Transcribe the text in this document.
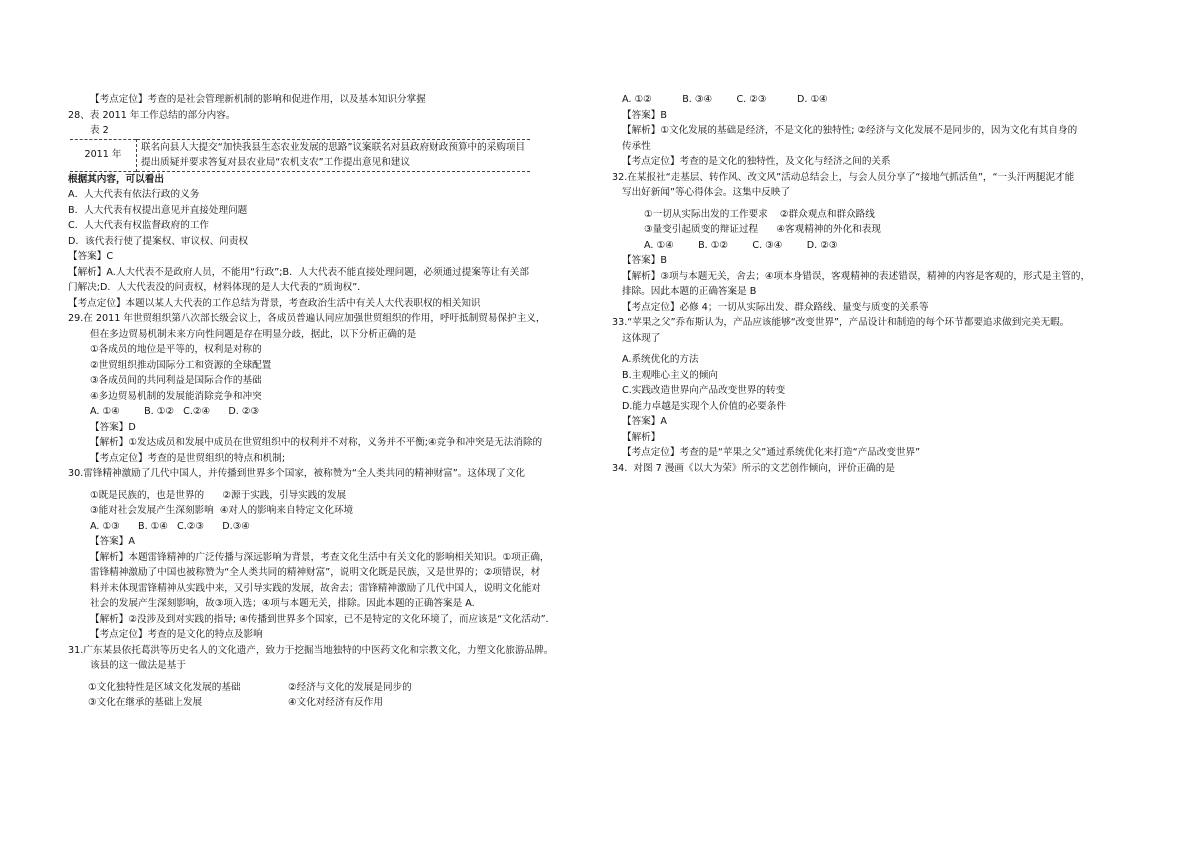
【考点定位】考查的是社会管理新机制的影响和促进作用，以及基本知识分掌握

28、表 2011 年工作总结的部分内容。

表 2

2011 年	联名向县人大提交“加快我县生态农业发展的思路”议案联名对县政府财政预算中的采购项目提出质疑并要求答复对县农业局“农机支农”工作提出意见和建议

根据其内容，可以看出

A．人大代表有依法行政的义务

B．人大代表有权提出意见并直接处理问题

C．人大代表有权监督政府的工作

D．该代表行使了提案权、审议权、问责权

【答案】C

【解析】A.人大代表不是政府人员，不能用“行政”;B．人大代表不能直接处理问题，必须通过提案等让有关部

门解决;D．人大代表没的问责权，材料体现的是人大代表的“质询权”．

【考点定位】本题以某人大代表的工作总结为背景，考查政治生活中有关人大代表职权的相关知识

29.在 2011 年世贸组织第八次部长级会议上，各成员普遍认同应加强世贸组织的作用，呼吁抵制贸易保护主义，

但在多边贸易机制未来方向性问题是存在明显分歧，据此，以下分析正确的是

①各成员的地位是平等的，权利是对称的

②世贸组织推动国际分工和资源的全球配置

③各成员间的共同利益是国际合作的基础

④多边贸易机制的发展能消除竞争和冲突

A. ①④        B. ①②   C.②④      D. ②③

【答案】D

【解析】①发达成员和发展中成员在世贸组织中的权利并不对称，义务并不平衡;④竞争和冲突是无法消除的

【考点定位】考查的是世贸组织的特点和机制;

30.雷锋精神激励了几代中国人，并传播到世界多个国家，被称赞为“全人类共同的精神财富”。这体现了文化

①既是民族的，也是世界的      ②源于实践，引导实践的发展

③能对社会发展产生深刻影响  ④对人的影响来自特定文化环境

A. ①③      B. ①④   C.②③      D.③④

【答案】A

【解析】本题雷锋精神的广泛传播与深远影响为背景，考查文化生活中有关文化的影响相关知识。①项正确，

雷锋精神激励了中国也被称赞为“全人类共同的精神财富”，说明文化既是民族，又是世界的；②项错误，材

料并未体现雷锋精神从实践中来，又引导实践的发展，故舍去；雷锋精神激励了几代中国人，说明文化能对

社会的发展产生深刻影响，故③项入选；④项与本题无关，排除。因此本题的正确答案是 A.

【解析】②没涉及到对实践的指导; ④传播到世界多个国家，已不是特定的文化环境了，而应该是“文化活动”.

【考点定位】考查的是文化的特点及影响

31.广东某县依托葛洪等历史名人的文化遗产，致力于挖掘当地独特的中医药文化和宗教文化，力塑文化旅游品牌。

该县的这一做法是基于

①文化独特性是区域文化发展的基础	②经济与文化的发展是同步的
③文化在继承的基础上发展	④文化对经济有反作用

A. ①②          B. ③④        C. ②③          D. ①④

【答案】B

【解析】①文化发展的基础是经济，不是文化的独特性; ②经济与文化发展不是同步的，因为文化有其自身的

传承性

【考点定位】考查的是文化的独特性，及文化与经济之间的关系

32.在某报社“走基层、转作风、改文风”活动总结会上，与会人员分享了“接地气抓活鱼”，“一头汗两腿泥才能

写出好新闻”等心得体会。这集中反映了

①一切从实际出发的工作要求    ②群众观点和群众路线

③量变引起质变的辩证过程      ④客观精神的外化和表现

A. ①④        B. ①②        C. ③④        D. ②③

【答案】B

【解析】③项与本题无关，舍去；④项本身错误，客观精神的表述错误，精神的内容是客观的，形式是主管的，

排除。因此本题的正确答案是 B

【考点定位】必修 4；一切从实际出发、群众路线、量变与质变的关系等

33.“苹果之父”乔布斯认为，产品应该能够“改变世界”，产品设计和制造的每个环节都要追求做到完美无暇。

这体现了

A.系统优化的方法

B.主观唯心主义的倾向

C.实践改造世界向产品改变世界的转变

D.能力卓越是实现个人价值的必要条件

【答案】A

【解析】

【考点定位】考查的是“苹果之父”通过系统优化来打造“产品改变世界”

34.  对图 7 漫画《以大为荣》所示的文艺创作倾向，评价正确的是
